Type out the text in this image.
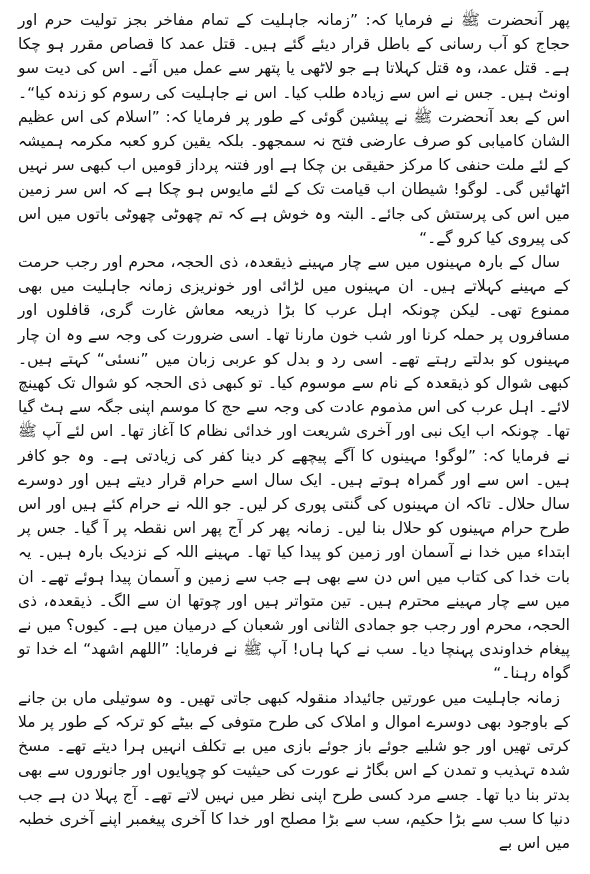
پھر آنحضرت ﷺ نے فرمایا کہ: ”زمانہ جاہلیت کے تمام مفاخر بجز تولیت حرم اور حجاج کو آب رسانی کے باطل قرار دیئے گئے ہیں۔ قتل عمد کا قصاص مقرر ہو چکا ہے۔ قتل عمد، وہ قتل کہلاتا ہے جو لاٹھی یا پتھر سے عمل میں آئے۔ اس کی دیت سو اونٹ ہیں۔ جس نے اس سے زیادہ طلب کیا۔ اس نے جاہلیت کی رسوم کو زندہ کیا“۔ اس کے بعد آنحضرت ﷺ نے پیشین گوئی کے طور پر فرمایا کہ: ”اسلام کی اس عظیم الشان کامیابی کو صرف عارضی فتح نہ سمجھو۔ بلکہ یقین کرو کعبہ مکرمہ ہمیشہ کے لئے ملت حنفی کا مرکز حقیقی بن چکا ہے اور فتنہ پرداز قومیں اب کبھی سر نہیں اٹھائیں گی۔ لوگو! شیطان اب قیامت تک کے لئے مایوس ہو چکا ہے کہ اس سر زمین میں اس کی پرستش کی جائے۔ البتہ وہ خوش ہے کہ تم چھوٹی چھوٹی باتوں میں اس کی پیروی کیا کرو گے۔“

سال کے بارہ مہینوں میں سے چار مہینے ذیقعدہ، ذی الحجہ، محرم اور رجب حرمت کے مہینے کہلاتے ہیں۔ ان مہینوں میں لڑائی اور خونریزی زمانہ جاہلیت میں بھی ممنوع تھی۔ لیکن چونکہ اہل عرب کا بڑا ذریعہ معاش غارت گری، قافلوں اور مسافروں پر حملہ کرنا اور شب خون مارنا تھا۔ اسی ضرورت کی وجہ سے وہ ان چار مہینوں کو بدلتے رہتے تھے۔ اسی رد و بدل کو عربی زبان میں ”نسئی“ کہتے ہیں۔ کبھی شوال کو ذیقعدہ کے نام سے موسوم کیا۔ تو کبھی ذی الحجہ کو شوال تک کھینچ لائے۔ اہل عرب کی اس مذموم عادت کی وجہ سے حج کا موسم اپنی جگہ سے ہٹ گیا تھا۔ چونکہ اب ایک نبی اور آخری شریعت اور خدائی نظام کا آغاز تھا۔ اس لئے آپ ﷺ نے فرمایا کہ: ”لوگو! مہینوں کا آگے پیچھے کر دینا کفر کی زیادتی ہے۔ وہ جو کافر ہیں۔ اس سے اور گمراہ ہوتے ہیں۔ ایک سال اسے حرام قرار دیتے ہیں اور دوسرے سال حلال۔ تاکہ ان مہینوں کی گنتی پوری کر لیں۔ جو اللہ نے حرام کئے ہیں اور اس طرح حرام مہینوں کو حلال بنا لیں۔ زمانہ پھر کر آج پھر اس نقطہ پر آ گیا۔ جس پر ابتداء میں خدا نے آسمان اور زمین کو پیدا کیا تھا۔ مہینے اللہ کے نزدیک بارہ ہیں۔ یہ بات خدا کی کتاب میں اس دن سے بھی ہے جب سے زمین و آسمان پیدا ہوئے تھے۔ ان میں سے چار مہینے محترم ہیں۔ تین متواتر ہیں اور چوتھا ان سے الگ۔ ذیقعدہ، ذی الحجہ، محرم اور رجب جو جمادی الثانی اور شعبان کے درمیان میں ہے۔ کیوں؟ میں نے پیغام خداوندی پہنچا دیا۔ سب نے کہا ہاں! آپ ﷺ نے فرمایا: ”اللھم اشھد“ اے خدا تو گواہ رہنا۔“

زمانہ جاہلیت میں عورتیں جائیداد منقولہ کبھی جاتی تھیں۔ وہ سوتیلی ماں بن جانے کے باوجود بھی دوسرے اموال و املاک کی طرح متوفی کے بیٹے کو ترکہ کے طور پر ملا کرتی تھیں اور جو شلیے جوئے باز جوئے بازی میں بے تکلف انہیں ہرا دیتے تھے۔ مسخ شدہ تہذیب و تمدن کے اس بگاڑ نے عورت کی حیثیت کو چوپایوں اور جانوروں سے بھی بدتر بنا دیا تھا۔ جسے مرد کسی طرح اپنی نظر میں نہیں لاتے تھے۔ آج پہلا دن ہے جب دنیا کا سب سے بڑا حکیم، سب سے بڑا مصلح اور خدا کا آخری پیغمبر اپنے آخری خطبہ میں اس بے
